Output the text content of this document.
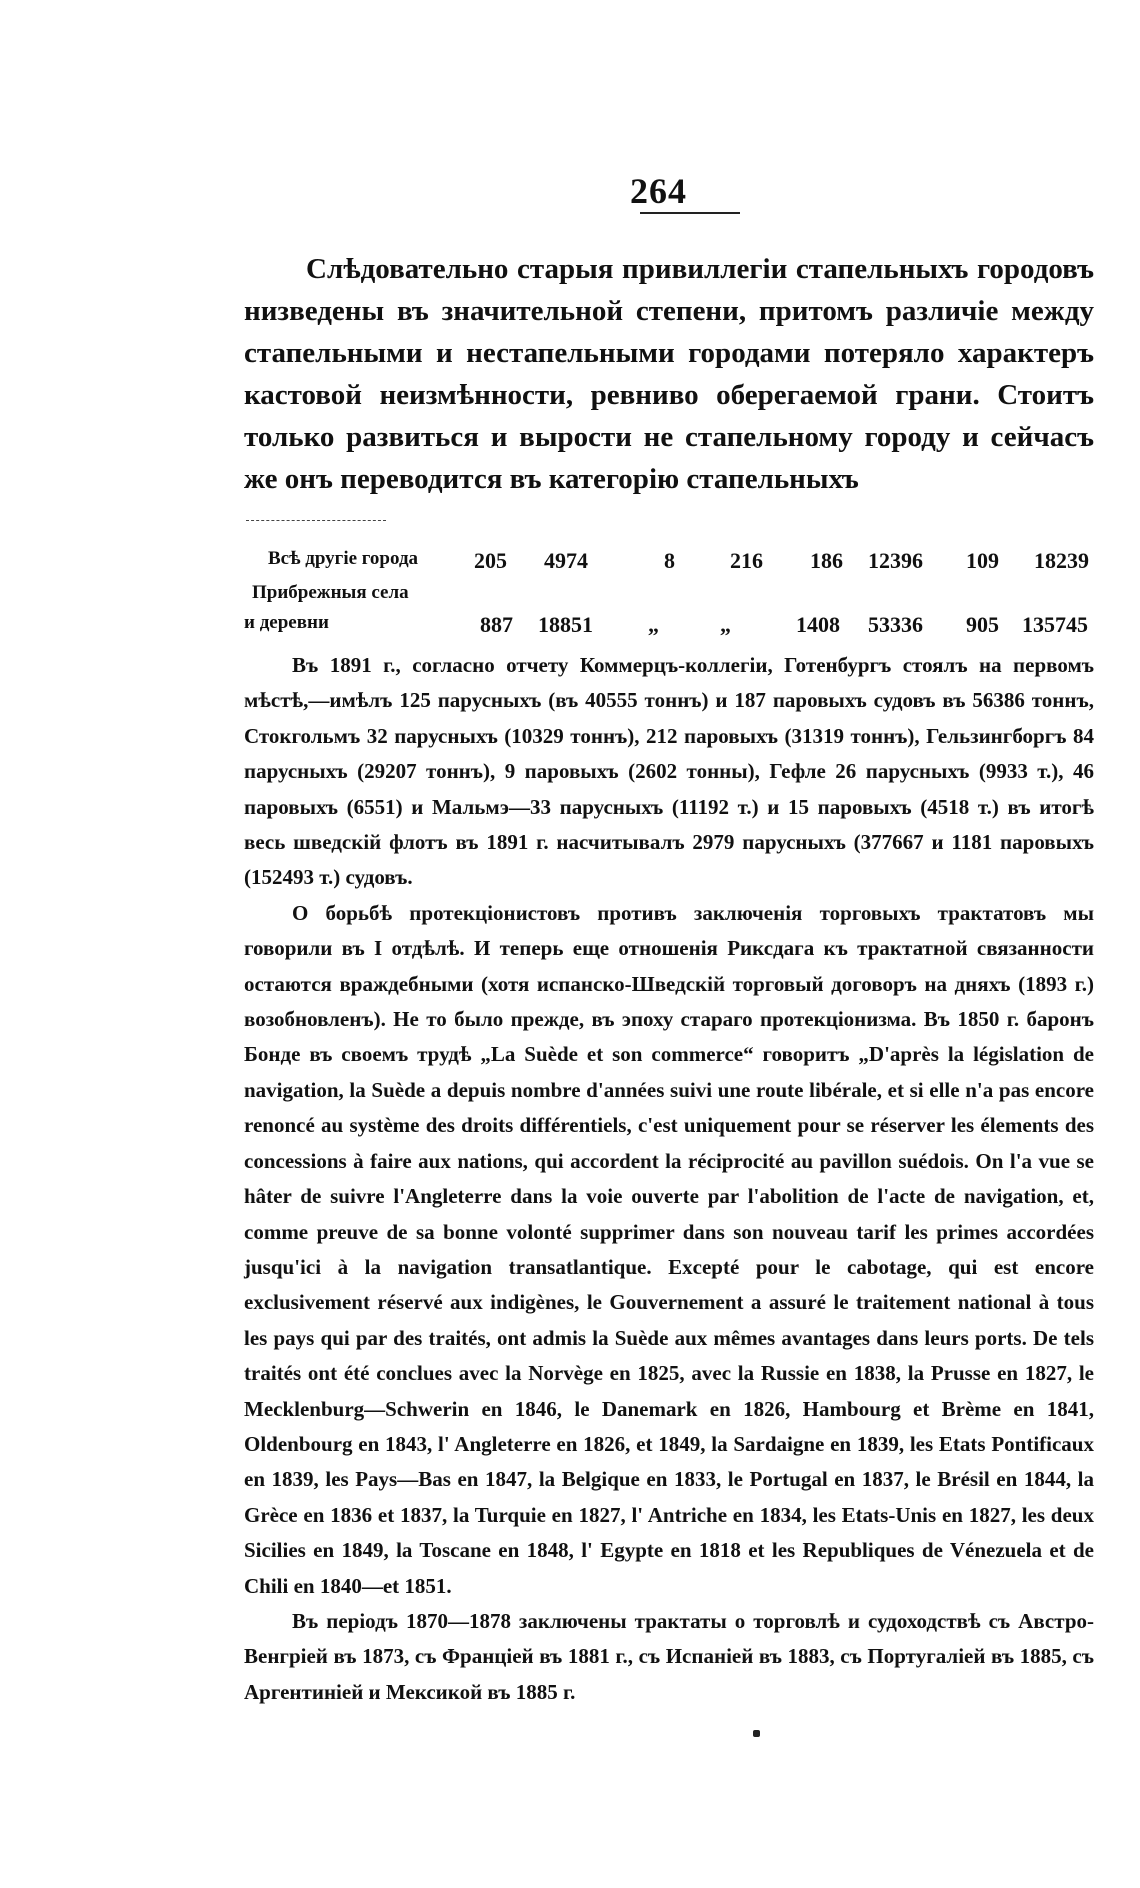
264

Слѣдовательно старыя привиллегіи стапельныхъ городовъ низведены въ значительной степени, притомъ различіе между стапельными и нестапельными городами потеряло характеръ кастовой неизмѣнности, ревниво оберегаемой грани. Стоитъ только развиться и вырости не стапельному городу и сейчасъ же онъ переводится въ категорію стапельныхъ

Всѣ другіе города	205 4974	8	216 186 12396 109 18239
Прибрежныя села
и деревни	887 18851	„	„	1408 53336 905 135745

Въ 1891 г., согласно отчету Коммерцъ-коллегіи, Готенбургъ стоялъ на первомъ мѣстѣ,—имѣлъ 125 парусныхъ (въ 40555 тоннъ) и 187 паровыхъ судовъ въ 56386 тоннъ, Стокгольмъ 32 парусныхъ (10329 тоннъ), 212 паровыхъ (31319 тоннъ), Гельзингборгъ 84 парусныхъ (29207 тоннъ), 9 паровыхъ (2602 тонны), Гефле 26 парусныхъ (9933 т.), 46 паровыхъ (6551) и Мальмэ—33 парусныхъ (11192 т.) и 15 паровыхъ (4518 т.) въ итогѣ весь шведскій флотъ въ 1891 г. насчитывалъ 2979 парусныхъ (377667 и 1181 паровыхъ (152493 т.) судовъ.

О борьбѣ протекціонистовъ противъ заключенія торговыхъ трактатовъ мы говорили въ I отдѣлѣ. И теперь еще отношенія Риксдага къ трактатной связанности остаются враждебными (хотя испанско-Шведскій торговый договоръ на дняхъ (1893 г.) возобновленъ). Не то было прежде, въ эпоху стараго протекціонизма. Въ 1850 г. баронъ Бонде въ своемъ трудѣ „La Suède et son commerce“ говоритъ „D'après la législation de navigation, la Suède a depuis nombre d'années suivi une route libérale, et si elle n'a pas encore renoncé au système des droits différentiels, c'est uniquement pour se réserver les élements des concessions à faire aux nations, qui accordent la réciprocité au pavillon suédois. On l'a vue se hâter de suivre l'Angleterre dans la voie ouverte par l'abolition de l'acte de navigation, et, comme preuve de sa bonne volonté supprimer dans son nouveau tarif les primes accordées jusqu'ici à la navigation transatlantique. Excepté pour le cabotage, qui est encore exclusivement réservé aux indigènes, le Gouvernement a assuré le traitement national à tous les pays qui par des traités, ont admis la Suède aux mêmes avantages dans leurs ports. De tels traités ont été conclues avec la Norvège en 1825, avec la Russie en 1838, la Prusse en 1827, le Mecklenburg—Schwerin en 1846, le Danemark en 1826, Hambourg et Brème en 1841, Oldenbourg en 1843, l' Angleterre en 1826, et 1849, la Sardaigne en 1839, les Etats Pontificaux en 1839, les Pays—Bas en 1847, la Belgique en 1833, le Portugal en 1837, le Brésil en 1844, la Grèce en 1836 et 1837, la Turquie en 1827, l' Antriche en 1834, les Etats-Unis en 1827, les deux Sicilies en 1849, la Toscane en 1848, l' Egypte en 1818 et les Republiques de Vénezuela et de Chili en 1840—et 1851.

Въ періодъ 1870—1878 заключены трактаты о торговлѣ и судоходствѣ съ Австро-Венгріей въ 1873, съ Франціей въ 1881 г., съ Испаніей въ 1883, съ Португаліей въ 1885, съ Аргентиніей и Мексикой въ 1885 г.
